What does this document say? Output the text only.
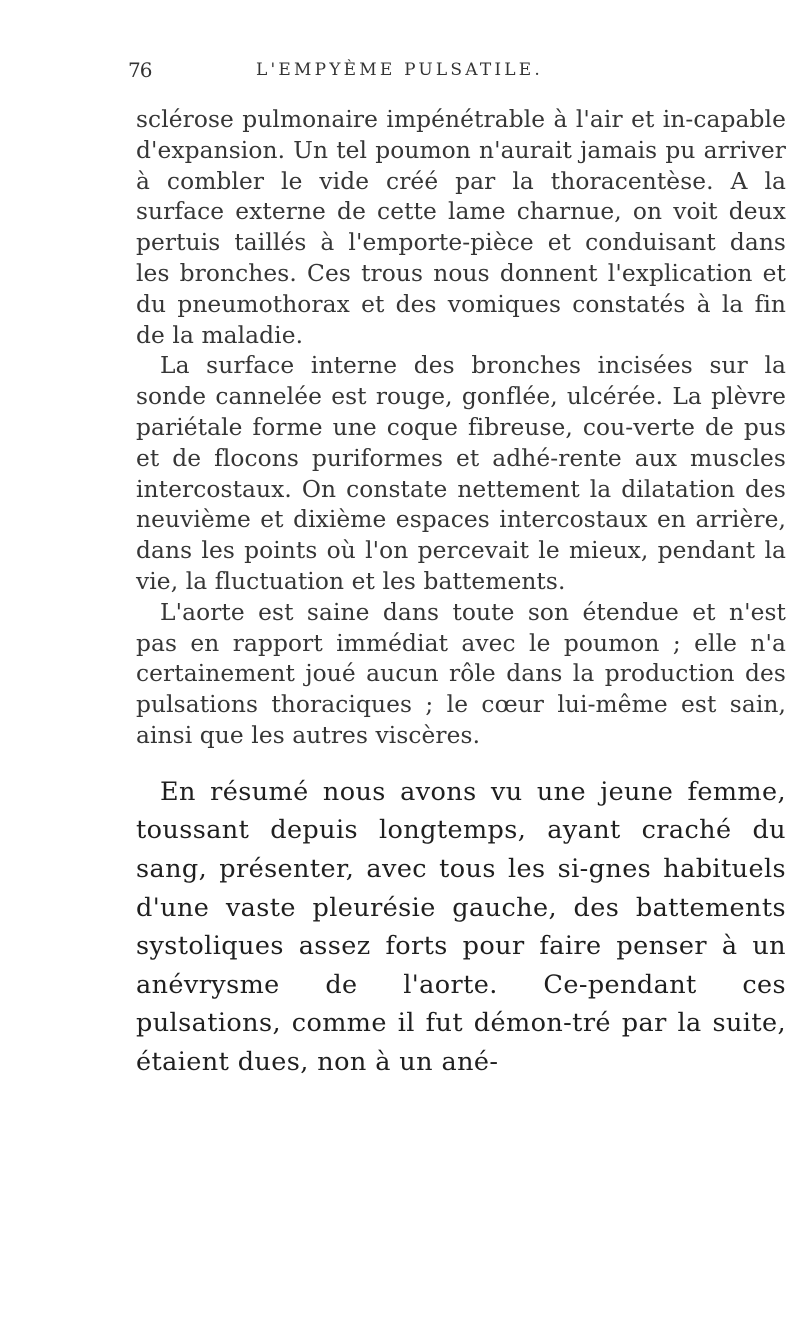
76	L'EMPYÈME PULSATILE.

sclérose pulmonaire impénétrable à l'air et in-capable d'expansion. Un tel poumon n'aurait jamais pu arriver à combler le vide créé par la thoracentèse. A la surface externe de cette lame charnue, on voit deux pertuis taillés à l'emporte-pièce et conduisant dans les bronches. Ces trous nous donnent l'explication et du pneumothorax et des vomiques constatés à la fin de la maladie.

La surface interne des bronches incisées sur la sonde cannelée est rouge, gonflée, ulcérée. La plèvre pariétale forme une coque fibreuse, cou-verte de pus et de flocons puriformes et adhé-rente aux muscles intercostaux. On constate nettement la dilatation des neuvième et dixième espaces intercostaux en arrière, dans les points où l'on percevait le mieux, pendant la vie, la fluctuation et les battements.

L'aorte est saine dans toute son étendue et n'est pas en rapport immédiat avec le poumon ; elle n'a certainement joué aucun rôle dans la production des pulsations thoraciques ; le cœur lui-même est sain, ainsi que les autres viscères.

En résumé nous avons vu une jeune femme, toussant depuis longtemps, ayant craché du sang, présenter, avec tous les si-gnes habituels d'une vaste pleurésie gauche, des battements systoliques assez forts pour faire penser à un anévrysme de l'aorte. Ce-pendant ces pulsations, comme il fut démon-tré par la suite, étaient dues, non à un ané-
